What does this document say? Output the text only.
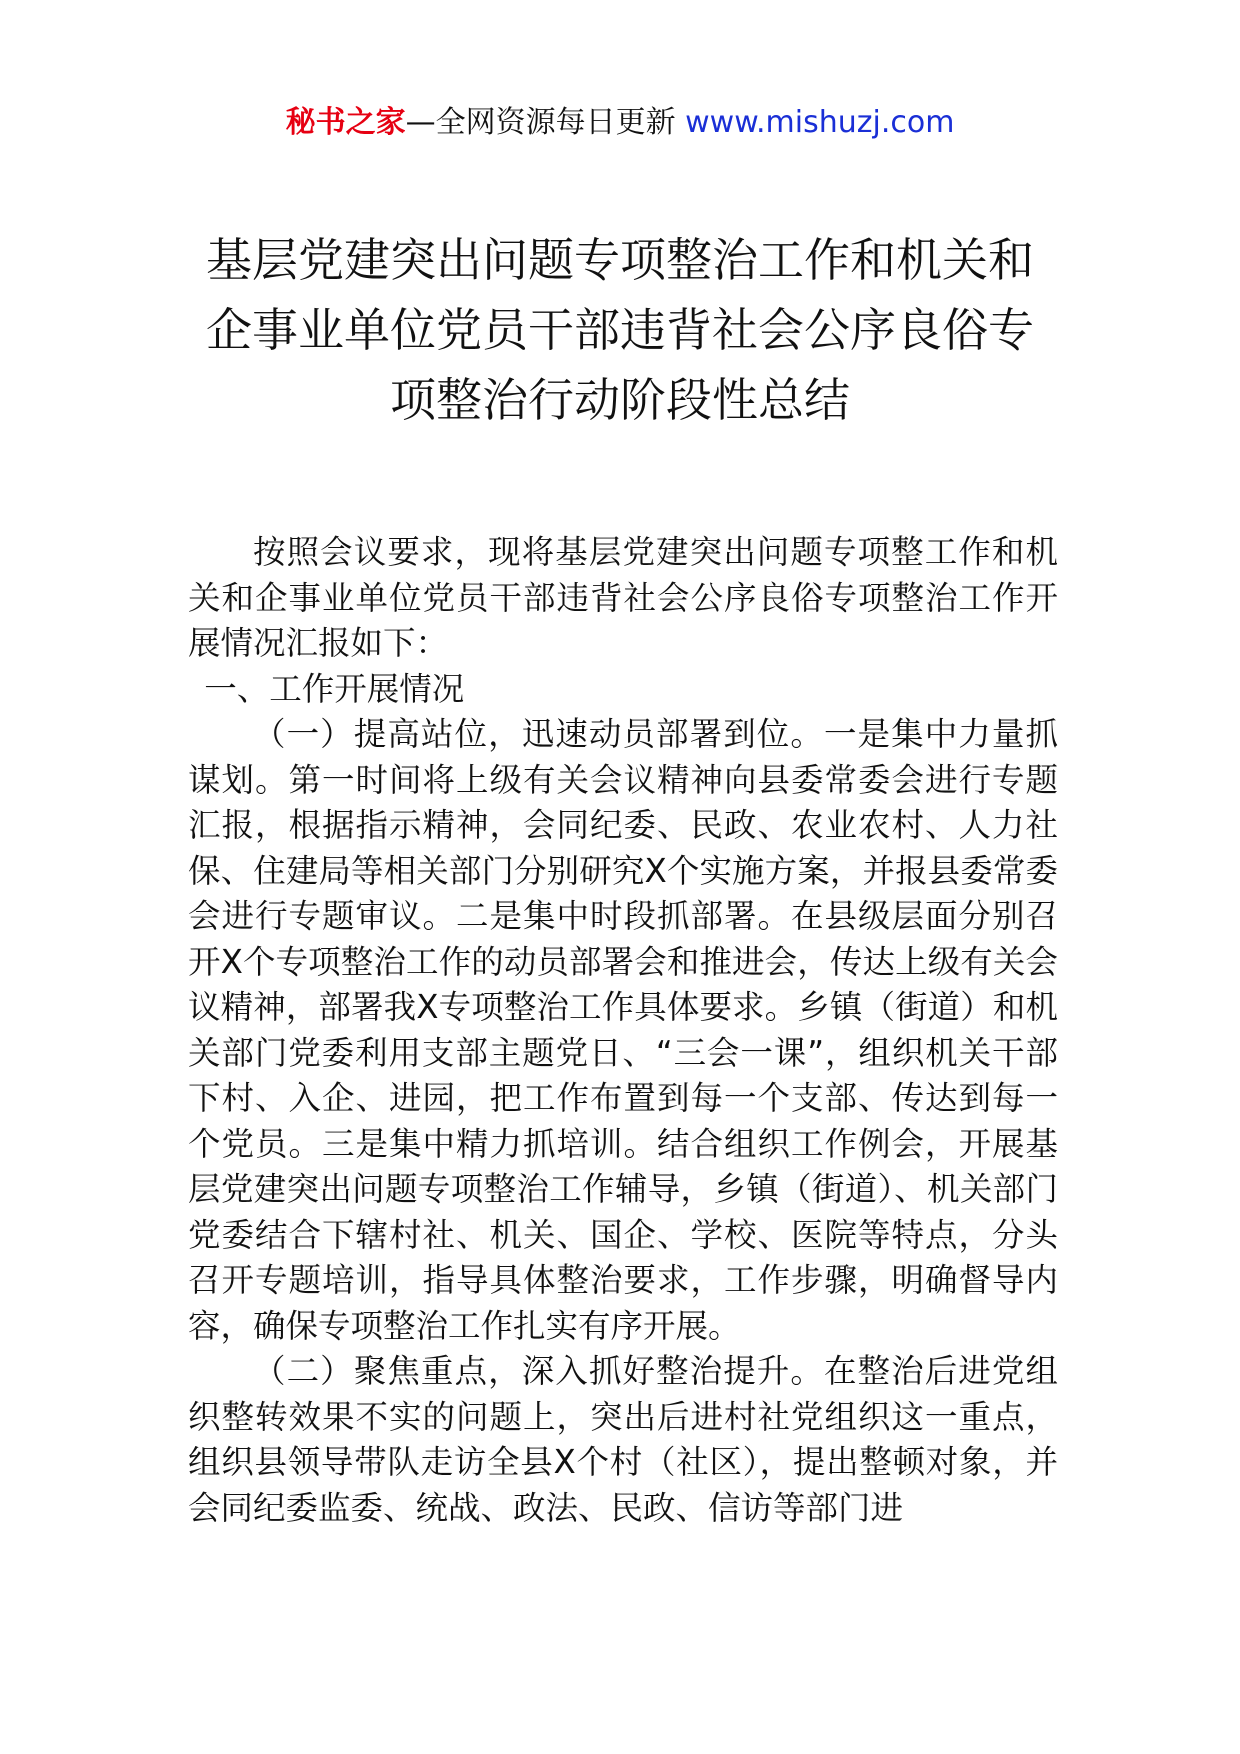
秘书之家—全网资源每日更新 www.mishuzj.com
基层党建突出问题专项整治工作和机关和
企事业单位党员干部违背社会公序良俗专
项整治行动阶段性总结

按照会议要求，现将基层党建突出问题专项整工作和机关和企事业单位党员干部违背社会公序良俗专项整治工作开展情况汇报如下：

一、工作开展情况

（一）提高站位，迅速动员部署到位。一是集中力量抓谋划。第一时间将上级有关会议精神向县委常委会进行专题汇报，根据指示精神，会同纪委、民政、农业农村、人力社保、住建局等相关部门分别研究X个实施方案，并报县委常委会进行专题审议。二是集中时段抓部署。在县级层面分别召开X个专项整治工作的动员部署会和推进会，传达上级有关会议精神，部署我X专项整治工作具体要求。乡镇（街道）和机关部门党委利用支部主题党日、“三会一课”，组织机关干部下村、入企、进园，把工作布置到每一个支部、传达到每一个党员。三是集中精力抓培训。结合组织工作例会，开展基层党建突出问题专项整治工作辅导，乡镇（街道）、机关部门党委结合下辖村社、机关、国企、学校、医院等特点，分头召开专题培训，指导具体整治要求，工作步骤，明确督导内容，确保专项整治工作扎实有序开展。

（二）聚焦重点，深入抓好整治提升。在整治后进党组织整转效果不实的问题上，突出后进村社党组织这一重点，组织县领导带队走访全县X个村（社区），提出整顿对象，并会同纪委监委、统战、政法、民政、信访等部门进
